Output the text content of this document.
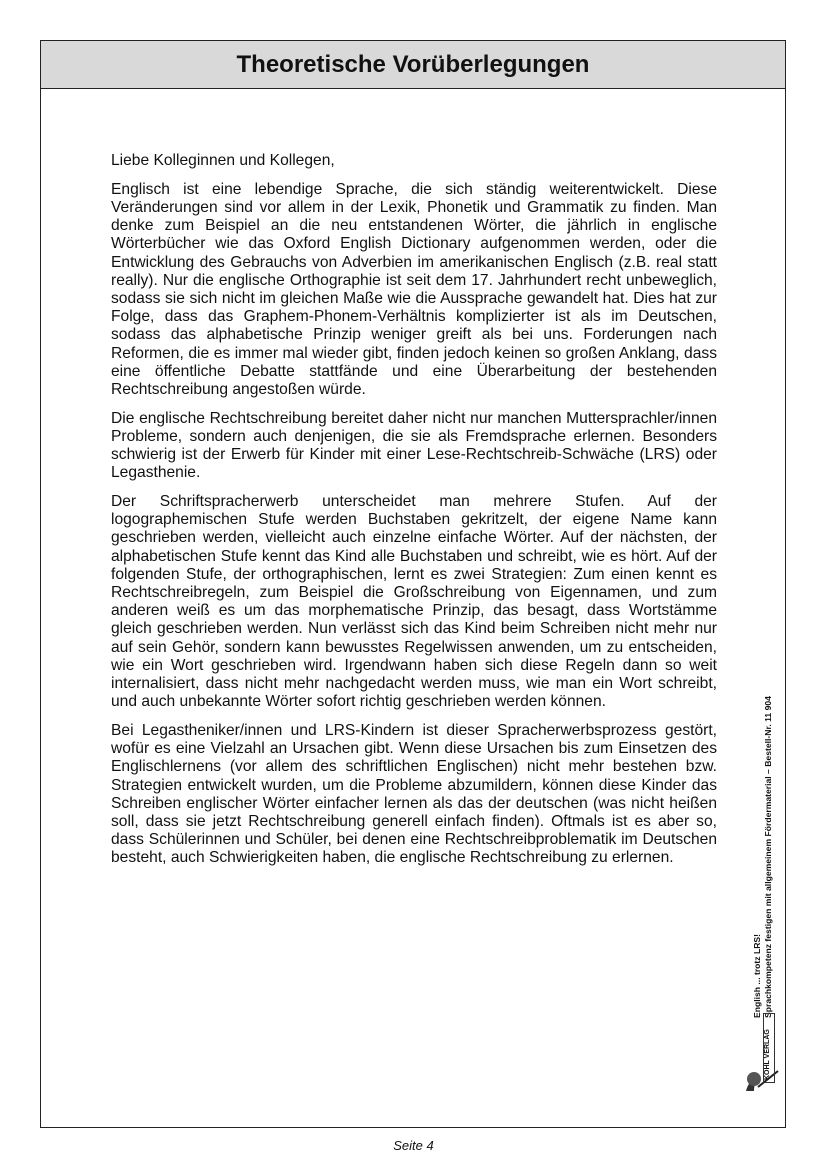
Theoretische Vorüberlegungen

Liebe Kolleginnen und Kollegen,

Englisch ist eine lebendige Sprache, die sich ständig weiterentwickelt. Diese Veränderungen sind vor allem in der Lexik, Phonetik und Grammatik zu finden. Man denke zum Beispiel an die neu entstandenen Wörter, die jährlich in englische Wörterbücher wie das Oxford English Dictionary aufgenommen werden, oder die Entwicklung des Gebrauchs von Adverbien im amerikanischen Englisch (z.B. real statt really). Nur die englische Orthographie ist seit dem 17. Jahrhundert recht unbeweglich, sodass sie sich nicht im gleichen Maße wie die Aussprache gewandelt hat. Dies hat zur Folge, dass das Graphem-Phonem-Verhältnis komplizierter ist als im Deutschen, sodass das alphabetische Prinzip weniger greift als bei uns. Forderungen nach Reformen, die es immer mal wieder gibt, finden jedoch keinen so großen Anklang, dass eine öffentliche Debatte stattfände und eine Überarbeitung der bestehenden Rechtschreibung angestoßen würde.

Die englische Rechtschreibung bereitet daher nicht nur manchen Muttersprachler/innen Probleme, sondern auch denjenigen, die sie als Fremdsprache erlernen. Besonders schwierig ist der Erwerb für Kinder mit einer Lese-Rechtschreib-Schwäche (LRS) oder Legasthenie.

Der Schriftspracherwerb unterscheidet man mehrere Stufen. Auf der logographemischen Stufe werden Buchstaben gekritzelt, der eigene Name kann geschrieben werden, vielleicht auch einzelne einfache Wörter. Auf der nächsten, der alphabetischen Stufe kennt das Kind alle Buchstaben und schreibt, wie es hört. Auf der folgenden Stufe, der orthographischen, lernt es zwei Strategien: Zum einen kennt es Rechtschreibregeln, zum Beispiel die Großschreibung von Eigennamen, und zum anderen weiß es um das morphematische Prinzip, das besagt, dass Wortstämme gleich geschrieben werden. Nun verlässt sich das Kind beim Schreiben nicht mehr nur auf sein Gehör, sondern kann bewusstes Regelwissen anwenden, um zu entscheiden, wie ein Wort geschrieben wird. Irgendwann haben sich diese Regeln dann so weit internalisiert, dass nicht mehr nachgedacht werden muss, wie man ein Wort schreibt, und auch unbekannte Wörter sofort richtig geschrieben werden können.

Bei Legastheniker/innen und LRS-Kindern ist dieser Spracherwerbsprozess gestört, wofür es eine Vielzahl an Ursachen gibt. Wenn diese Ursachen bis zum Einsetzen des Englischlernens (vor allem des schriftlichen Englischen) nicht mehr bestehen bzw. Strategien entwickelt wurden, um die Probleme abzumildern, können diese Kinder das Schreiben englischer Wörter einfacher lernen als das der deutschen (was nicht heißen soll, dass sie jetzt Rechtschreibung generell einfach finden). Oftmals ist es aber so, dass Schülerinnen und Schüler, bei denen eine Rechtschreibproblematik im Deutschen besteht, auch Schwierigkeiten haben, die englische Rechtschreibung zu erlernen.

English ... trotz LRS! Sprachkompetenz festigen mit allgemeinem Fördermaterial – Bestell-Nr. 11 904
KOHL VERLAG
Seite 4
